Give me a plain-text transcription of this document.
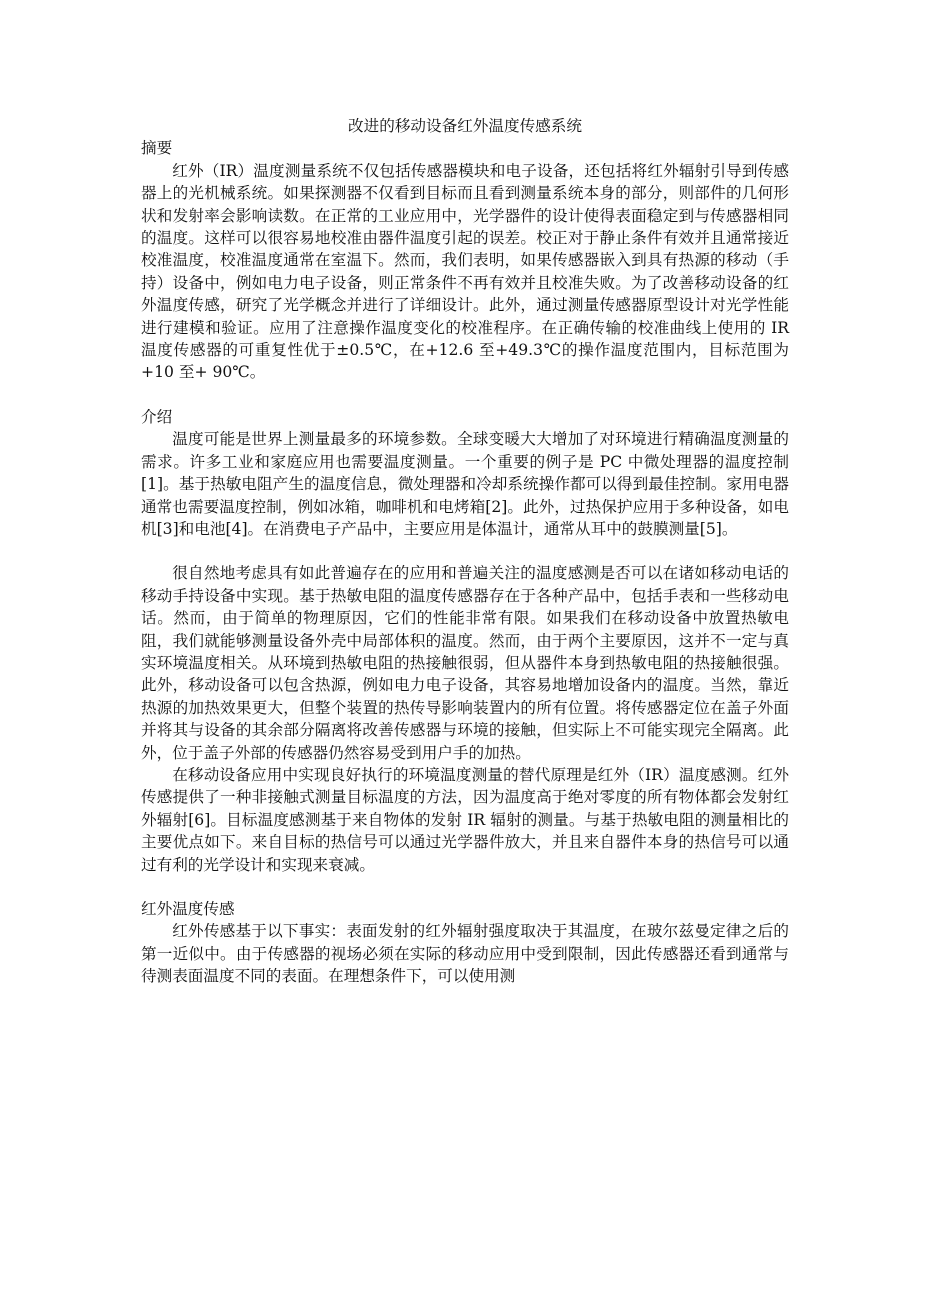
改进的移动设备红外温度传感系统
摘要

红外（IR）温度测量系统不仅包括传感器模块和电子设备，还包括将红外辐射引导到传感器上的光机械系统。如果探测器不仅看到目标而且看到测量系统本身的部分，则部件的几何形状和发射率会影响读数。在正常的工业应用中，光学器件的设计使得表面稳定到与传感器相同的温度。这样可以很容易地校准由器件温度引起的误差。校正对于静止条件有效并且通常接近校准温度，校准温度通常在室温下。然而，我们表明，如果传感器嵌入到具有热源的移动（手持）设备中，例如电力电子设备，则正常条件不再有效并且校准失败。为了改善移动设备的红外温度传感，研究了光学概念并进行了详细设计。此外，通过测量传感器原型设计对光学性能进行建模和验证。应用了注意操作温度变化的校准程序。在正确传输的校准曲线上使用的 IR 温度传感器的可重复性优于±0.5℃，在+12.6 至+49.3℃的操作温度范围内，目标范围为+10 至+ 90℃。

介绍

温度可能是世界上测量最多的环境参数。全球变暖大大增加了对环境进行精确温度测量的需求。许多工业和家庭应用也需要温度测量。一个重要的例子是 PC 中微处理器的温度控制[1]。基于热敏电阻产生的温度信息，微处理器和冷却系统操作都可以得到最佳控制。家用电器通常也需要温度控制，例如冰箱，咖啡机和电烤箱[2]。此外，过热保护应用于多种设备，如电机[3]和电池[4]。在消费电子产品中，主要应用是体温计，通常从耳中的鼓膜测量[5]。

很自然地考虑具有如此普遍存在的应用和普遍关注的温度感测是否可以在诸如移动电话的移动手持设备中实现。基于热敏电阻的温度传感器存在于各种产品中，包括手表和一些移动电话。然而，由于简单的物理原因，它们的性能非常有限。如果我们在移动设备中放置热敏电阻，我们就能够测量设备外壳中局部体积的温度。然而，由于两个主要原因，这并不一定与真实环境温度相关。从环境到热敏电阻的热接触很弱，但从器件本身到热敏电阻的热接触很强。此外，移动设备可以包含热源，例如电力电子设备，其容易地增加设备内的温度。当然，靠近热源的加热效果更大，但整个装置的热传导影响装置内的所有位置。将传感器定位在盖子外面并将其与设备的其余部分隔离将改善传感器与环境的接触，但实际上不可能实现完全隔离。此外，位于盖子外部的传感器仍然容易受到用户手的加热。

在移动设备应用中实现良好执行的环境温度测量的替代原理是红外（IR）温度感测。红外传感提供了一种非接触式测量目标温度的方法，因为温度高于绝对零度的所有物体都会发射红外辐射[6]。目标温度感测基于来自物体的发射 IR 辐射的测量。与基于热敏电阻的测量相比的主要优点如下。来自目标的热信号可以通过光学器件放大，并且来自器件本身的热信号可以通过有利的光学设计和实现来衰减。

红外温度传感

红外传感基于以下事实：表面发射的红外辐射强度取决于其温度，在玻尔兹曼定律之后的第一近似中。由于传感器的视场必须在实际的移动应用中受到限制，因此传感器还看到通常与待测表面温度不同的表面。在理想条件下，可以使用测
